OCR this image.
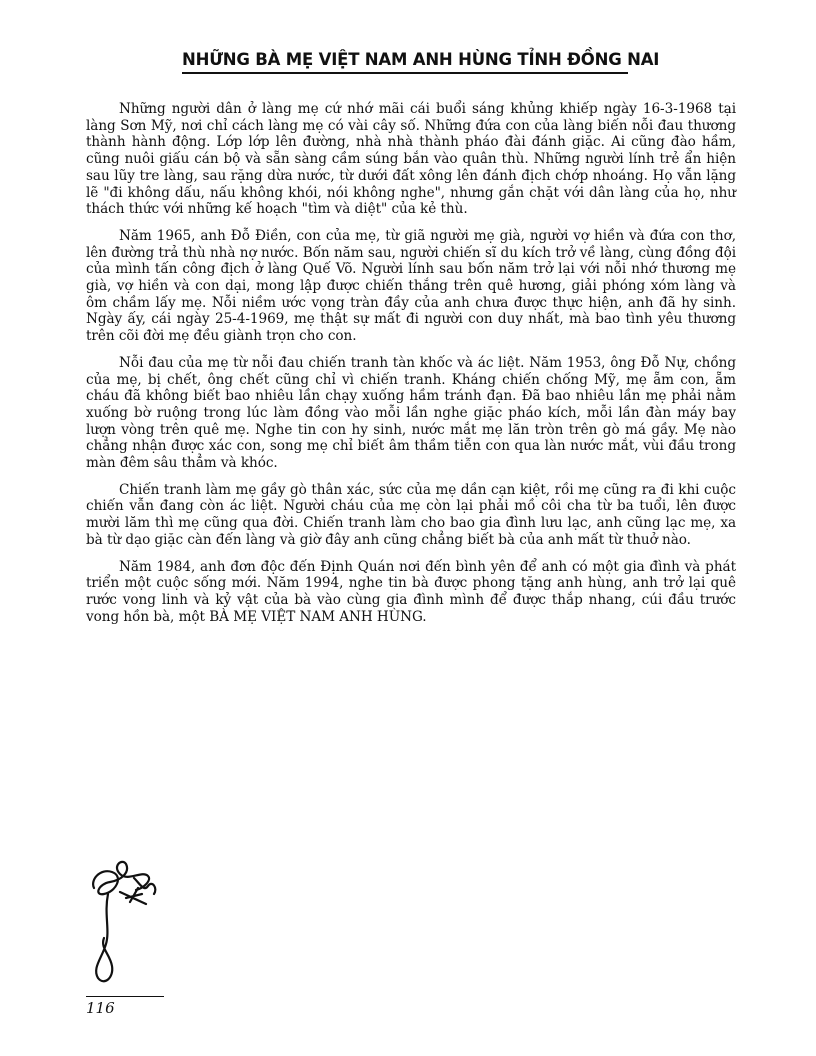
NHỮNG BÀ MẸ VIỆT NAM ANH HÙNG TỈNH ĐỒNG NAI

Những người dân ở làng mẹ cứ nhớ mãi cái buổi sáng khủng khiếp ngày 16-3-1968 tại làng Sơn Mỹ, nơi chỉ cách làng mẹ có vài cây số. Những đứa con của làng biến nỗi đau thương thành hành động. Lớp lớp lên đường, nhà nhà thành pháo đài đánh giặc. Ai cũng đào hầm, cũng nuôi giấu cán bộ và sẵn sàng cầm súng bắn vào quân thù. Những người lính trẻ ẩn hiện sau lũy tre làng, sau rặng dừa nước, từ dưới đất xông lên đánh địch chớp nhoáng. Họ vẫn lặng lẽ "đi không dấu, nấu không khói, nói không nghe", nhưng gắn chặt với dân làng của họ, như thách thức với những kế hoạch "tìm và diệt" của kẻ thù.

Năm 1965, anh Đỗ Điền, con của mẹ, từ giã người mẹ già, người vợ hiền và đứa con thơ, lên đường trả thù nhà nợ nước. Bốn năm sau, người chiến sĩ du kích trở về làng, cùng đồng đội của mình tấn công địch ở làng Quế Võ. Người lính sau bốn năm trở lại với nỗi nhớ thương mẹ già, vợ hiền và con dại, mong lập được chiến thắng trên quê hương, giải phóng xóm làng và ôm chầm lấy mẹ. Nỗi niềm ước vọng tràn đầy của anh chưa được thực hiện, anh đã hy sinh. Ngày ấy, cái ngày 25-4-1969, mẹ thật sự mất đi người con duy nhất, mà bao tình yêu thương trên cõi đời mẹ đều giành trọn cho con.

Nỗi đau của mẹ từ nỗi đau chiến tranh tàn khốc và ác liệt. Năm 1953, ông Đỗ Nự, chồng của mẹ, bị chết, ông chết cũng chỉ vì chiến tranh. Kháng chiến chống Mỹ, mẹ ẵm con, ẵm cháu đã không biết bao nhiêu lần chạy xuống hầm tránh đạn. Đã bao nhiêu lần mẹ phải nằm xuống bờ ruộng trong lúc làm đồng vào mỗi lần nghe giặc pháo kích, mỗi lần đàn máy bay lượn vòng trên quê mẹ. Nghe tin con hy sinh, nước mắt mẹ lăn tròn trên gò má gầy. Mẹ nào chẳng nhận được xác con, song mẹ chỉ biết âm thầm tiễn con qua làn nước mắt, vùi đầu trong màn đêm sâu thẳm và khóc.

Chiến tranh làm mẹ gầy gò thân xác, sức của mẹ dần cạn kiệt, rồi mẹ cũng ra đi khi cuộc chiến vẫn đang còn ác liệt. Người cháu của mẹ còn lại phải mồ côi cha từ ba tuổi, lên được mười lăm thì mẹ cũng qua đời. Chiến tranh làm cho bao gia đình lưu lạc, anh cũng lạc mẹ, xa bà từ dạo giặc càn đến làng và giờ đây anh cũng chẳng biết bà của anh mất từ thuở nào.

Năm 1984, anh đơn độc đến Định Quán nơi đến bình yên để anh có một gia đình và phát triển một cuộc sống mới. Năm 1994, nghe tin bà được phong tặng anh hùng, anh trở lại quê rước vong linh và kỷ vật của bà vào cùng gia đình mình để được thắp nhang, cúi đầu trước vong hồn bà, một BÀ MẸ VIỆT NAM ANH HÙNG.

116
